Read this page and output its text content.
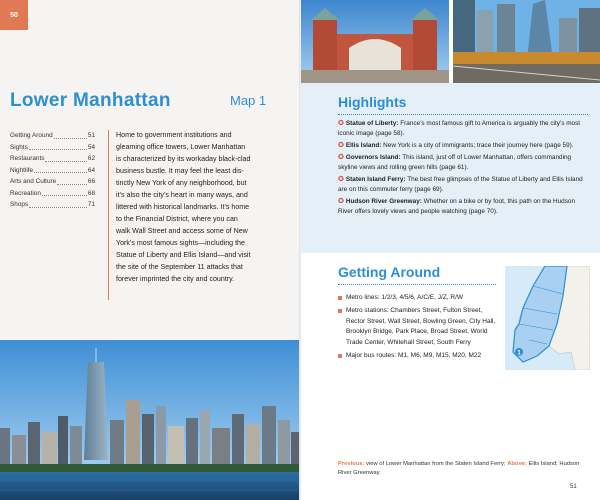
50
Lower Manhattan	Map 1
Getting Around	51
Sights	54
Restaurants	62
Nightlife	64
Arts and Culture	66
Recreation	68
Shops	71
Home to government institutions and
gleaming office towers, Lower Manhattan
is characterized by its workaday black-clad
business bustle. It may feel the least dis-
tinctly New York of any neighborhood, but
it’s also the city’s heart in many ways, and
littered with historical landmarks. It’s home
to the Financial District, where you can
walk Wall Street and access some of New
York’s most famous sights—including the
Statue of Liberty and Ellis Island—and visit
the site of the September 11 attacks that
forever imprinted the city and country.
Highlights
✪ Statue of Liberty: France’s most famous gift to America is arguably the city’s most iconic image (page 58).
✪ Ellis Island: New York is a city of immigrants; trace their journey here (page 59).
✪ Governors Island: This island, just off of Lower Manhattan, offers commanding skyline views and rolling green hills (page 61).
✪ Staten Island Ferry: The best free glimpses of the Statue of Liberty and Ellis Island are on this commuter ferry (page 69).
✪ Hudson River Greenway: Whether on a bike or by foot, this path on the Hudson River offers lovely views and people watching (page 70).
Getting Around
Metro lines: 1/2/3, 4/5/6, A/C/E, J/Z, R/W
Metro stations: Chambers Street, Fulton Street, Rector Street, Wall Street, Bowling Green, City Hall, Brooklyn Bridge, Park Place, Broad Street, World Trade Center, Whitehall Street, South Ferry
Major bus routes: M1, M6, M9, M15, M20, M22	1
Previous: view of Lower Manhattan from the Staten Island Ferry; Above: Ellis Island; Hudson River Greenway.
51
